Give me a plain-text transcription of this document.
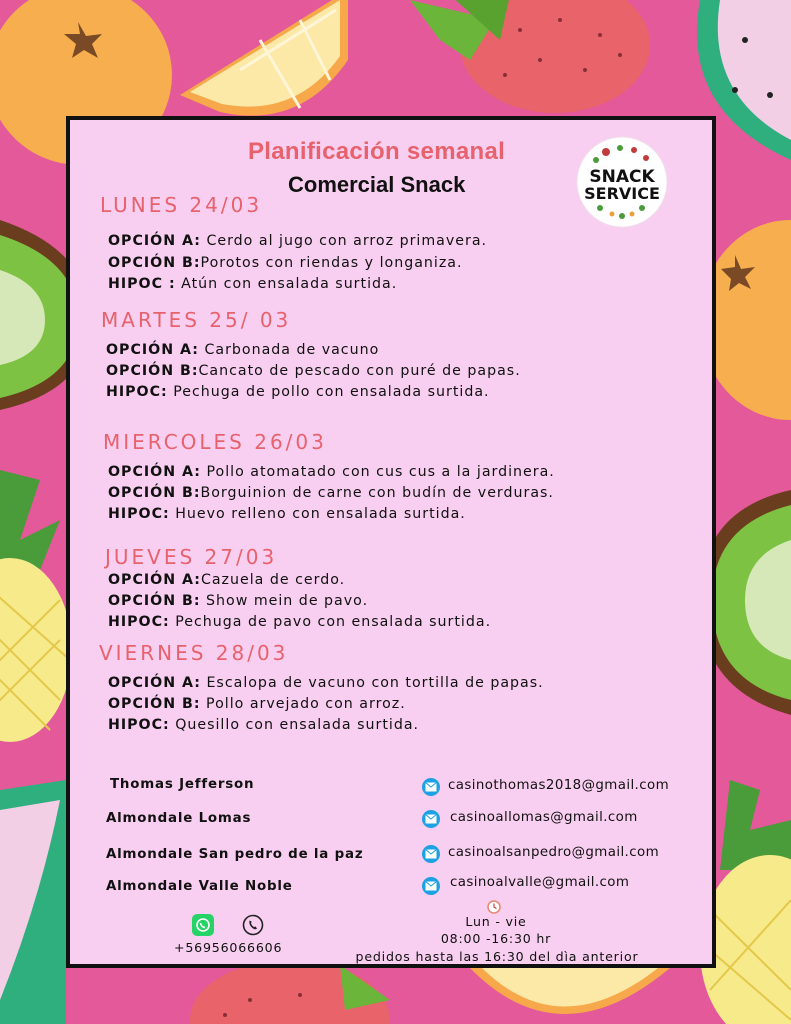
Planificación semanal
Comercial Snack	SNACK
SERVICE
LUNES 24/03
OPCIÓN A: Cerdo al jugo con arroz primavera.
OPCIÓN B:Porotos con riendas y longaniza.
HIPOC : Atún con ensalada surtida.
MARTES 25/ 03
OPCIÓN A: Carbonada de vacuno
OPCIÓN B:Cancato de pescado con puré de papas.
HIPOC: Pechuga de pollo con ensalada surtida.
MIERCOLES 26/03
OPCIÓN A: Pollo atomatado con cus cus a la jardinera.
OPCIÓN B:Borguinion de carne con budín de verduras.
HIPOC: Huevo relleno con ensalada surtida.
JUEVES 27/03
OPCIÓN A:Cazuela de cerdo.
OPCIÓN B: Show mein de pavo.
HIPOC: Pechuga de pavo con ensalada surtida.
VIERNES 28/03
OPCIÓN A: Escalopa de vacuno con tortilla de papas.
OPCIÓN B: Pollo arvejado con arroz.
HIPOC: Quesillo con ensalada surtida.
Thomas Jefferson
Almondale Lomas
Almondale San pedro de la paz
Almondale Valle Noble
casinothomas2018@gmail.com
casinoallomas@gmail.com
casinoalsanpedro@gmail.com
casinoalvalle@gmail.com
+56956066606
Lun - vie
08:00 -16:30 hr
pedidos hasta las 16:30 del dìa anterior
